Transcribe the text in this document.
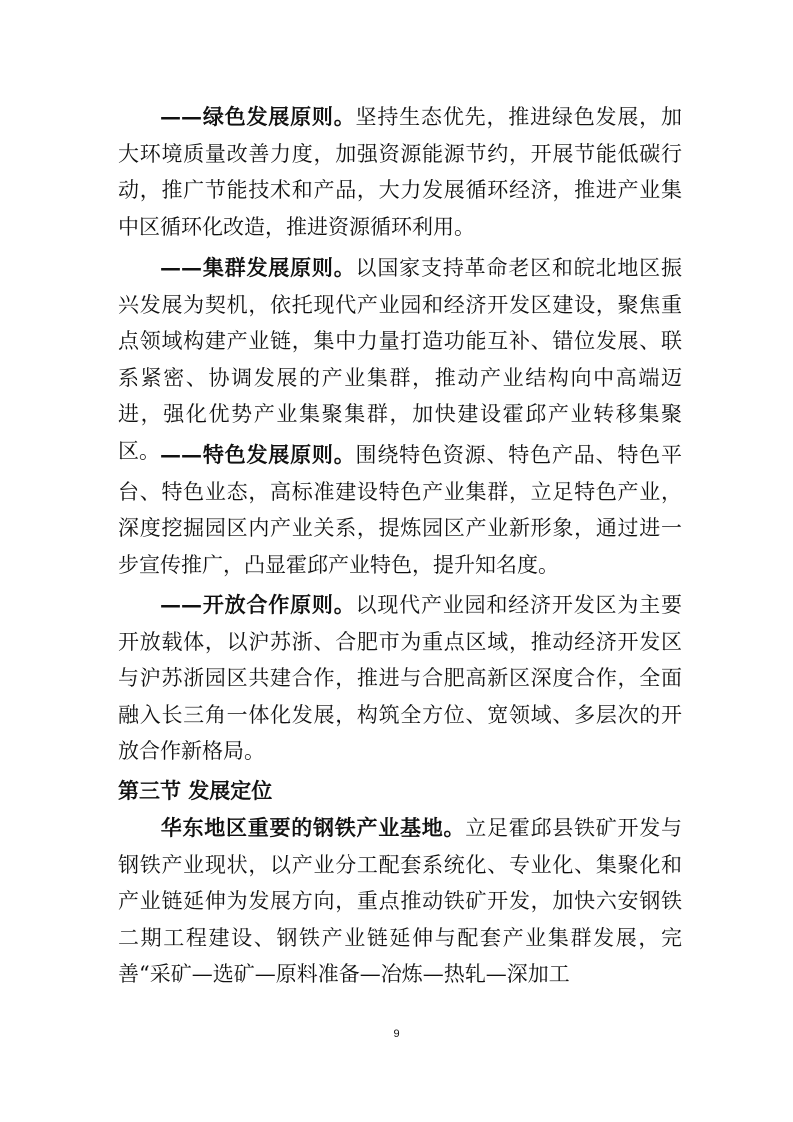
——绿色发展原则。坚持生态优先，推进绿色发展，加大环境质量改善力度，加强资源能源节约，开展节能低碳行动，推广节能技术和产品，大力发展循环经济，推进产业集中区循环化改造，推进资源循环利用。

——集群发展原则。以国家支持革命老区和皖北地区振兴发展为契机，依托现代产业园和经济开发区建设，聚焦重点领域构建产业链，集中力量打造功能互补、错位发展、联系紧密、协调发展的产业集群，推动产业结构向中高端迈进，强化优势产业集聚集群，加快建设霍邱产业转移集聚区。 ——特色发展原则。围绕特色资源、特色产品、特色平台、特色业态，高标准建设特色产业集群，立足特色产业，深度挖掘园区内产业关系，提炼园区产业新形象，通过进一步宣传推广，凸显霍邱产业特色，提升知名度。

——开放合作原则。以现代产业园和经济开发区为主要开放载体，以沪苏浙、合肥市为重点区域，推动经济开发区与沪苏浙园区共建合作，推进与合肥高新区深度合作，全面融入长三角一体化发展，构筑全方位、宽领域、多层次的开放合作新格局。

第三节 发展定位

华东地区重要的钢铁产业基地。立足霍邱县铁矿开发与钢铁产业现状，以产业分工配套系统化、专业化、集聚化和产业链延伸为发展方向，重点推动铁矿开发，加快六安钢铁二期工程建设、钢铁产业链延伸与配套产业集群发展，完善“采矿—选矿—原料准备—冶炼—热轧—深加工

9
